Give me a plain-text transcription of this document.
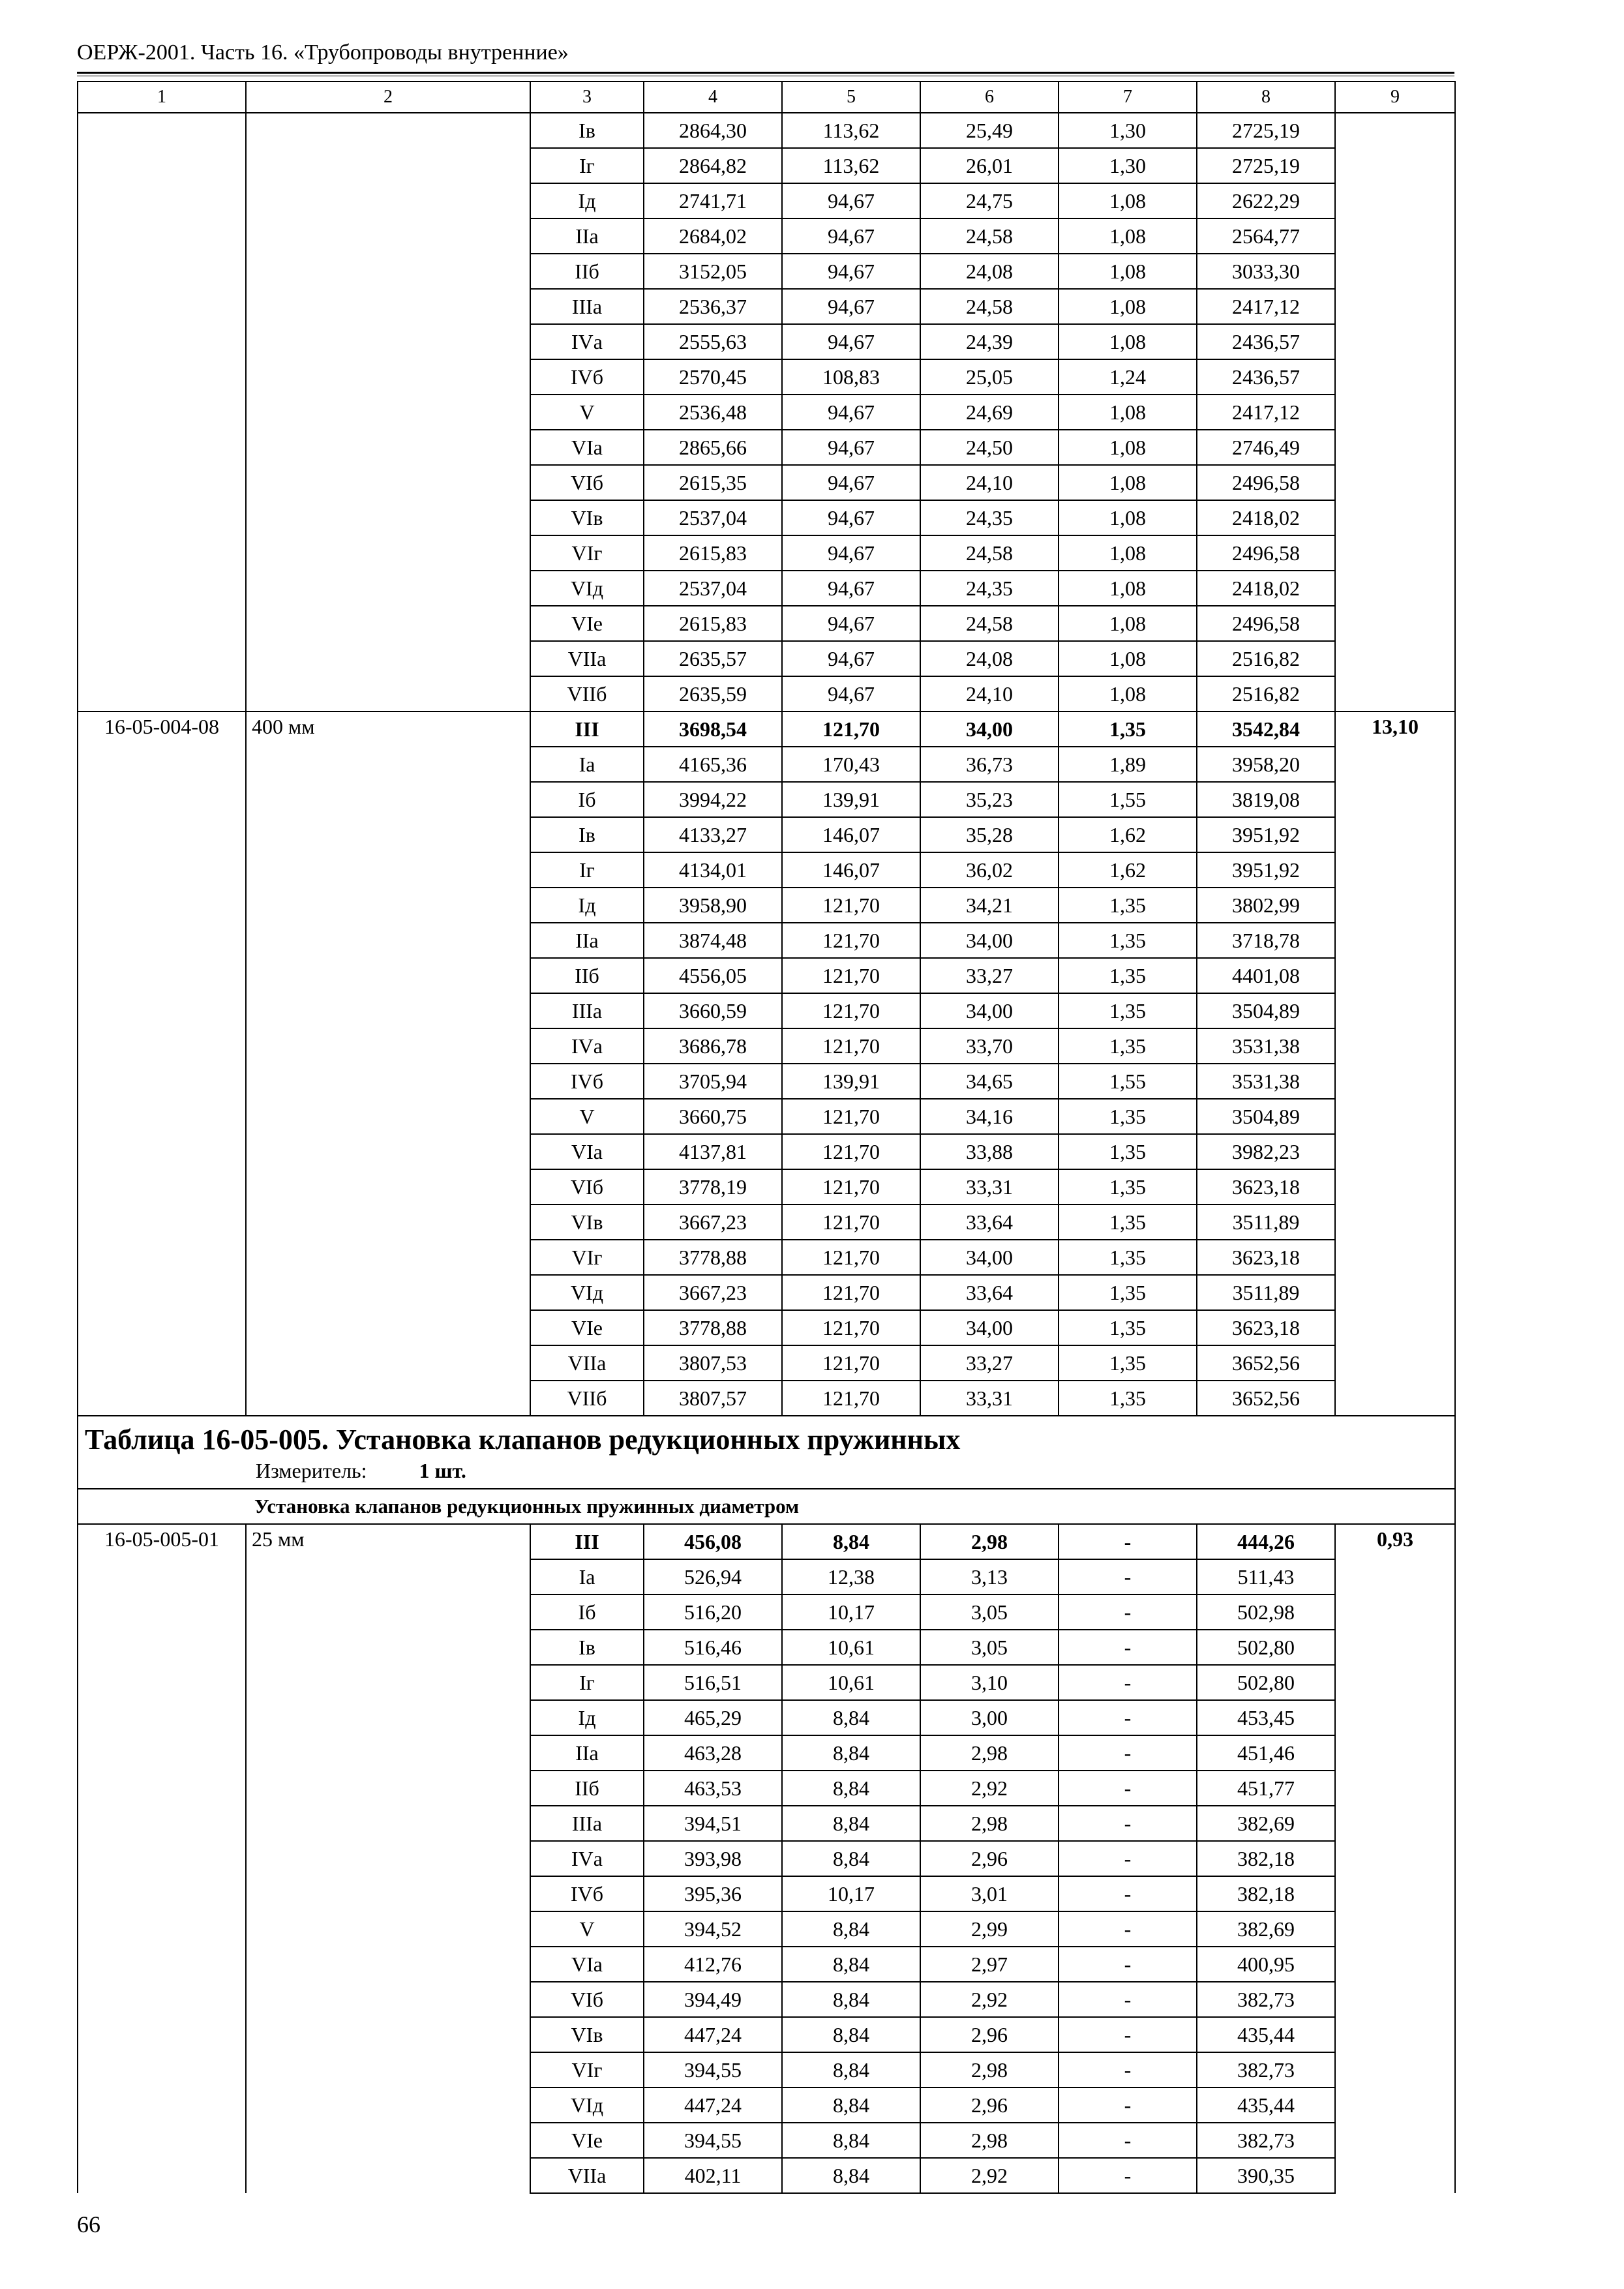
ОЕРЖ-2001. Часть 16. «Трубопроводы внутренние»
1	2	3	4	5	6	7	8	9
		Iв	2864,30	113,62	25,49	1,30	2725,19	
		Iг	2864,82	113,62	26,01	1,30	2725,19	
		Iд	2741,71	94,67	24,75	1,08	2622,29	
		IIа	2684,02	94,67	24,58	1,08	2564,77	
		IIб	3152,05	94,67	24,08	1,08	3033,30	
		IIIа	2536,37	94,67	24,58	1,08	2417,12	
		IVа	2555,63	94,67	24,39	1,08	2436,57	
		IVб	2570,45	108,83	25,05	1,24	2436,57	
		V	2536,48	94,67	24,69	1,08	2417,12	
		VIа	2865,66	94,67	24,50	1,08	2746,49	
		VIб	2615,35	94,67	24,10	1,08	2496,58	
		VIв	2537,04	94,67	24,35	1,08	2418,02	
		VIг	2615,83	94,67	24,58	1,08	2496,58	
		VIд	2537,04	94,67	24,35	1,08	2418,02	
		VIе	2615,83	94,67	24,58	1,08	2496,58	
		VIIа	2635,57	94,67	24,08	1,08	2516,82	
		VIIб	2635,59	94,67	24,10	1,08	2516,82	
16-05-004-08	400 мм	III	3698,54	121,70	34,00	1,35	3542,84	13,10
		Iа	4165,36	170,43	36,73	1,89	3958,20	
		Iб	3994,22	139,91	35,23	1,55	3819,08	
		Iв	4133,27	146,07	35,28	1,62	3951,92	
		Iг	4134,01	146,07	36,02	1,62	3951,92	
		Iд	3958,90	121,70	34,21	1,35	3802,99	
		IIа	3874,48	121,70	34,00	1,35	3718,78	
		IIб	4556,05	121,70	33,27	1,35	4401,08	
		IIIа	3660,59	121,70	34,00	1,35	3504,89	
		IVа	3686,78	121,70	33,70	1,35	3531,38	
		IVб	3705,94	139,91	34,65	1,55	3531,38	
		V	3660,75	121,70	34,16	1,35	3504,89	
		VIа	4137,81	121,70	33,88	1,35	3982,23	
		VIб	3778,19	121,70	33,31	1,35	3623,18	
		VIв	3667,23	121,70	33,64	1,35	3511,89	
		VIг	3778,88	121,70	34,00	1,35	3623,18	
		VIд	3667,23	121,70	33,64	1,35	3511,89	
		VIе	3778,88	121,70	34,00	1,35	3623,18	
		VIIа	3807,53	121,70	33,27	1,35	3652,56	
		VIIб	3807,57	121,70	33,31	1,35	3652,56	

Таблица 16-05-005. Установка клапанов редукционных пружинных
Измеритель: 1 шт.								

Установка клапанов редукционных пружинных диаметром								
16-05-005-01	25 мм	III	456,08	8,84	2,98	-	444,26	0,93
		Iа	526,94	12,38	3,13	-	511,43	
		Iб	516,20	10,17	3,05	-	502,98	
		Iв	516,46	10,61	3,05	-	502,80	
		Iг	516,51	10,61	3,10	-	502,80	
		Iд	465,29	8,84	3,00	-	453,45	
		IIа	463,28	8,84	2,98	-	451,46	
		IIб	463,53	8,84	2,92	-	451,77	
		IIIа	394,51	8,84	2,98	-	382,69	
		IVа	393,98	8,84	2,96	-	382,18	
		IVб	395,36	10,17	3,01	-	382,18	
		V	394,52	8,84	2,99	-	382,69	
		VIа	412,76	8,84	2,97	-	400,95	
		VIб	394,49	8,84	2,92	-	382,73	
		VIв	447,24	8,84	2,96	-	435,44	
		VIг	394,55	8,84	2,98	-	382,73	
		VIд	447,24	8,84	2,96	-	435,44	
		VIе	394,55	8,84	2,98	-	382,73	
		VIIа	402,11	8,84	2,92	-	390,35	
66
